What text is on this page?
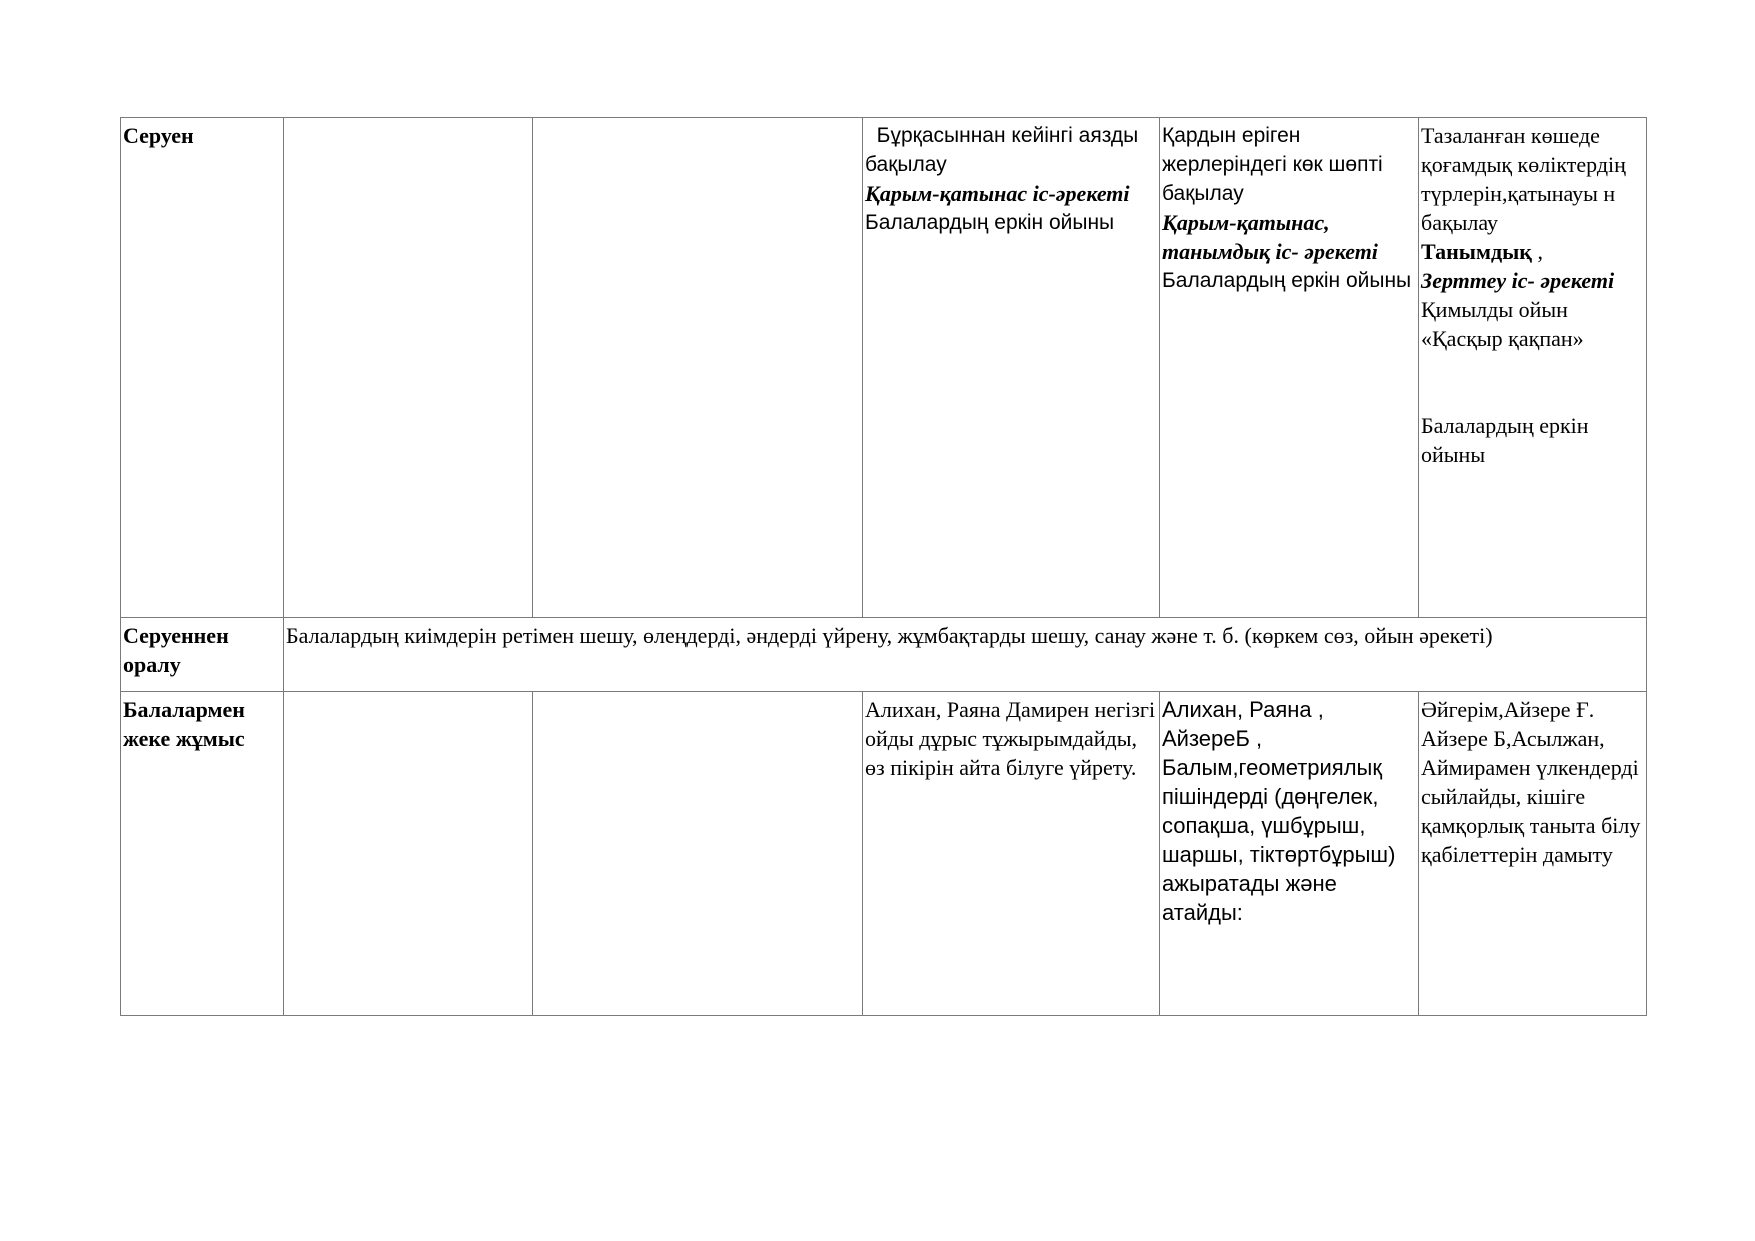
Серуен			Бұрқасыннан кейінгі аязды  бақылау
Қарым-қатынас іс-әрекеті
Балалардың еркін ойыны	Қардын еріген жерлеріндегі көк шөпті бақылау
Қарым-қатынас, танымдық іс- әрекеті
Балалардың еркін ойыны	Тазаланған көшеде қоғамдық көліктердің түрлерін,қатынауы н бақылау
Танымдық ,
Зерттеу іс- әрекеті
Қимылды ойын «Қасқыр қақпан»
Балалардың еркін ойыны

Серуеннен оралу	Балалардың киімдерін ретімен шешу, өлеңдерді, әндерді үйрену, жұмбақтарды шешу, санау және т. б. (көркем сөз, ойын әрекеті)				
Балалармен жеке жұмыс			Алихан, Раяна Дамирен негізгі ойды дұрыс тұжырымдайды, өз пікірін айта білуге үйрету.	Алихан, Раяна , АйзереБ , Балым,геометриялық пішіндерді (дөңгелек, сопақша, үшбұрыш, шаршы, тіктөртбұрыш) ажыратады және атайды:	Әйгерім,Айзере Ғ. Айзере Б,Асылжан, Аймирамен үлкендерді сыйлайды, кішіге қамқорлық таныта білу қабілеттерін дамыту
